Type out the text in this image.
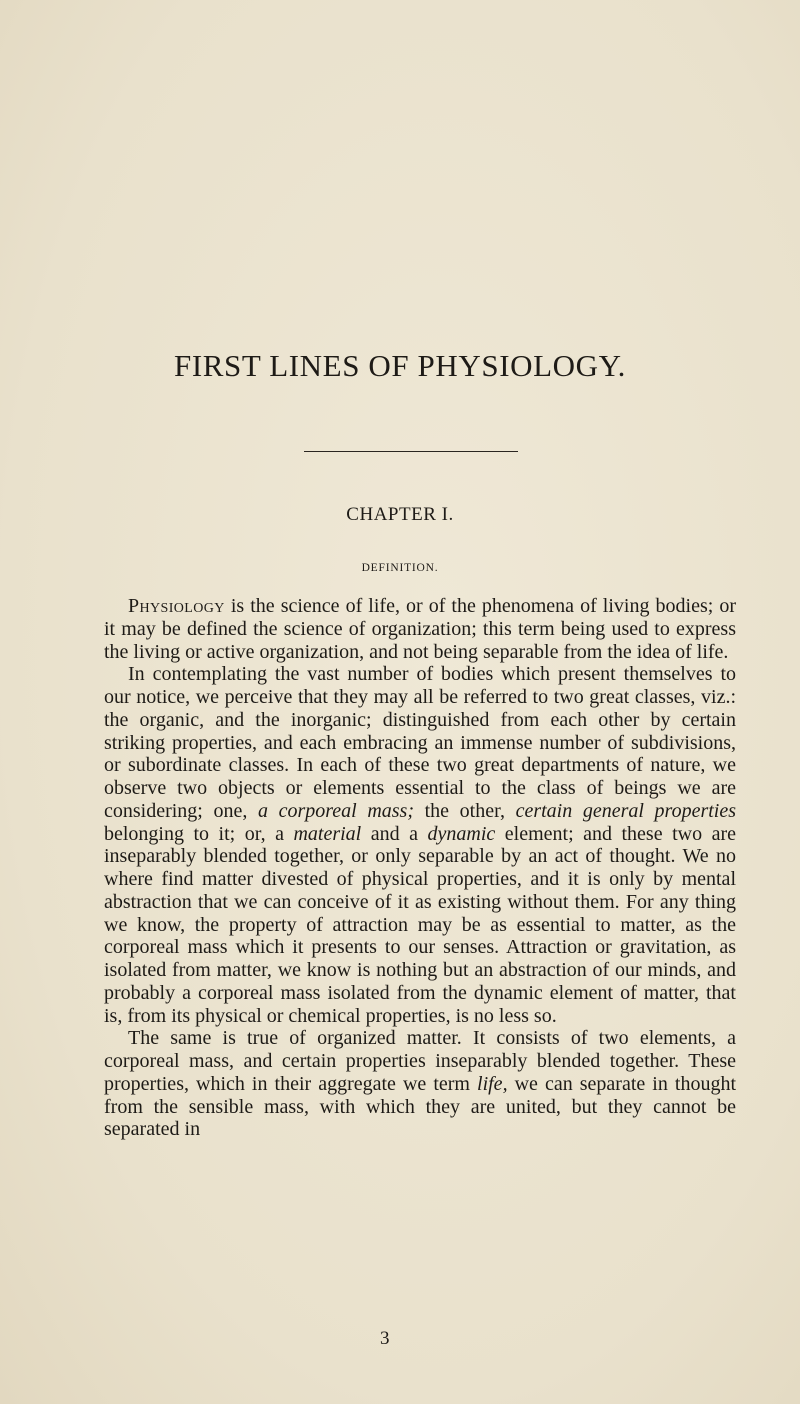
FIRST LINES OF PHYSIOLOGY.
CHAPTER I.
DEFINITION.

Physiology is the science of life, or of the phenomena of living bodies; or it may be defined the science of organization; this term being used to express the living or active organization, and not being separable from the idea of life.

In contemplating the vast number of bodies which present themselves to our notice, we perceive that they may all be referred to two great classes, viz.: the organic, and the inorganic; distinguished from each other by certain striking properties, and each embracing an immense number of subdivisions, or subordinate classes. In each of these two great departments of nature, we observe two objects or elements essential to the class of beings we are considering; one, a corporeal mass; the other, certain general properties belonging to it; or, a material and a dynamic element; and these two are inseparably blended together, or only separable by an act of thought. We no where find matter divested of physical properties, and it is only by mental abstraction that we can conceive of it as existing without them. For any thing we know, the property of attraction may be as essential to matter, as the corporeal mass which it presents to our senses. Attraction or gravitation, as isolated from matter, we know is nothing but an abstraction of our minds, and probably a corporeal mass isolated from the dynamic element of matter, that is, from its physical or chemical properties, is no less so.

The same is true of organized matter. It consists of two elements, a corporeal mass, and certain properties inseparably blended together. These properties, which in their aggregate we term life, we can separate in thought from the sensible mass, with which they are united, but they cannot be separated in

3
